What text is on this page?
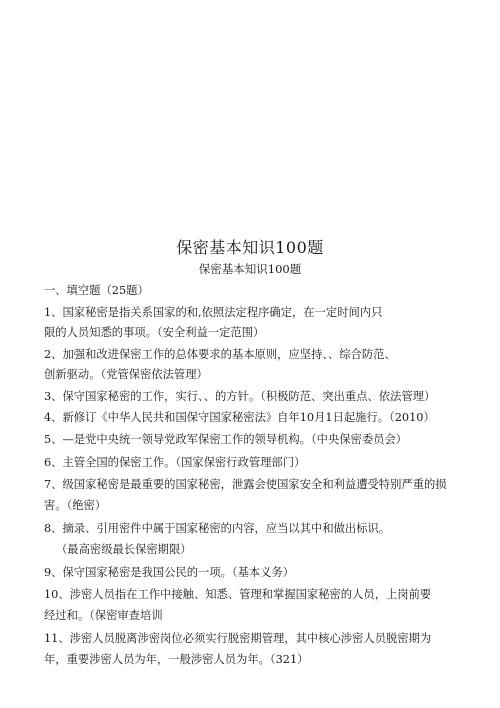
保密基本知识100题
保密基本知识100题
一、填空题（25题）
1、国家秘密是指关系国家的和,依照法定程序确定，在一定时间内只
限的人员知悉的事项。（安全利益一定范围）
2、加强和改进保密工作的总体要求的基本原则，应坚持、、综合防范、
创新驱动。（党管保密依法管理）
3、保守国家秘密的工作，实行、、的方针。（积极防范、突出重点、依法管理）
4、新修订《中华人民共和国保守国家秘密法》自年10月1日起施行。（2010）
5、—是党中央统一领导党政军保密工作的领导机构。（中央保密委员会）
6、主管全国的保密工作。（国家保密行政管理部门）
7、级国家秘密是最重要的国家秘密，泄露会使国家安全和利益遭受特别严重的损
害。（绝密）
8、摘录、引用密件中属于国家秘密的内容，应当以其中和做出标识。
（最高密级最长保密期限）
9、保守国家秘密是我国公民的一项。（基本义务）
10、涉密人员指在工作中接触、知悉、管理和掌握国家秘密的人员，上岗前要
经过和。（保密审查培训
11、涉密人员脱离涉密岗位必须实行脱密期管理，其中核心涉密人员脱密期为
年，重要涉密人员为年，一般涉密人员为年。（321）
